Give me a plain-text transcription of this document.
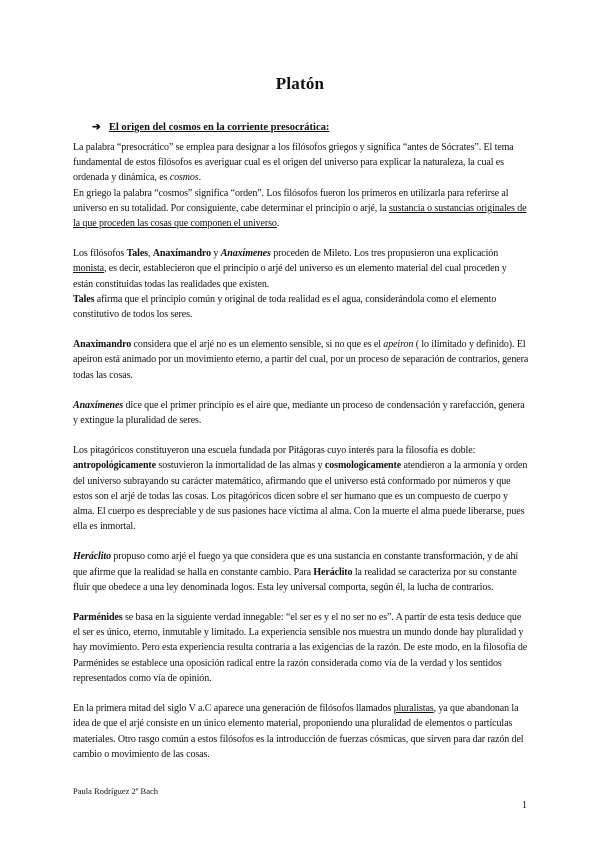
Platón
➔ El origen del cosmos en la corriente presocrática:

La palabra “presocrático” se emplea para designar a los filósofos griegos y significa “antes de Sócrates”. El tema fundamental de estos filósofos es averiguar cual es el origen del universo para explicar la naturaleza, la cual es ordenada y dinámica, es cosmos.
En griego la palabra “cosmos” significa “orden”. Los filósofos fueron los primeros en utilizarla para referirse al universo en su totalidad. Por consiguiente, cabe determinar el principio o arjé, la sustancia o sustancias originales de la que proceden las cosas que componen el universo.

Los filósofos Tales, Anaxímandro y Anaxímenes proceden de Mileto. Los tres propusieron una explicación monista, es decir, establecieron que el principio o arjé del universo es un elemento material del cual proceden y están constituidas todas las realidades que existen.
Tales afirma que el principio común y original de toda realidad es el agua, considerándola como el elemento constitutivo de todos los seres.

Anaximandro considera que el arjé no es un elemento sensible, si no que es el apeiron ( lo ilimitado y definido). El apeiron está animado por un movimiento eterno, a partir del cual, por un proceso de separación de contrarios, genera todas las cosas.

Anaxímenes dice que el primer principio es el aire que, mediante un proceso de condensación y rarefacción, genera y extingue la pluralidad de seres.

Los pitagóricos constituyeron una escuela fundada por Pitágoras cuyo interés para la filosofía es doble: antropológicamente sostuvieron la inmortalidad de las almas y cosmologicamente atendieron a la armonía y orden del universo subrayando su carácter matemático, afirmando que el universo está conformado por números y que estos son el arjé de todas las cosas. Los pitagóricos dicen sobre el ser humano que es un compuesto de cuerpo y alma. El cuerpo es despreciable y de sus pasiones hace víctima al alma. Con la muerte el alma puede liberarse, pues ella es inmortal.

Heráclito propuso como arjé el fuego ya que considera que es una sustancia en constante transformación, y de ahí que afirme que la realidad se halla en constante cambio. Para Heráclito la realidad se caracteriza por su constante fluir que obedece a una ley denominada logos. Esta ley universal comporta, según él, la lucha de contrarios.

Parménides se basa en la siguiente verdad innegable: “el ser es y el no ser no es”. A partir de esta tesis deduce que el ser es único, eterno, inmutable y limitado. La experiencia sensible nos muestra un mundo donde hay pluralidad y hay movimiento. Pero esta experiencia resulta contraria a las exigencias de la razón. De este modo, en la filosofía de Parménides se establece una oposición radical entre la razón considerada como vía de la verdad y los sentidos representados como vía de opinión.

En la primera mitad del siglo V a.C aparece una generación de filósofos llamados pluralistas, ya que abandonan la idea de que el arjé consiste en un único elemento material, proponiendo una pluralidad de elementos o partículas materiales. Otro rasgo común a estos filósofos es la introducción de fuerzas cósmicas, que sirven para dar razón del cambio o movimiento de las cosas.

Paula Rodríguez 2º Bach
1
